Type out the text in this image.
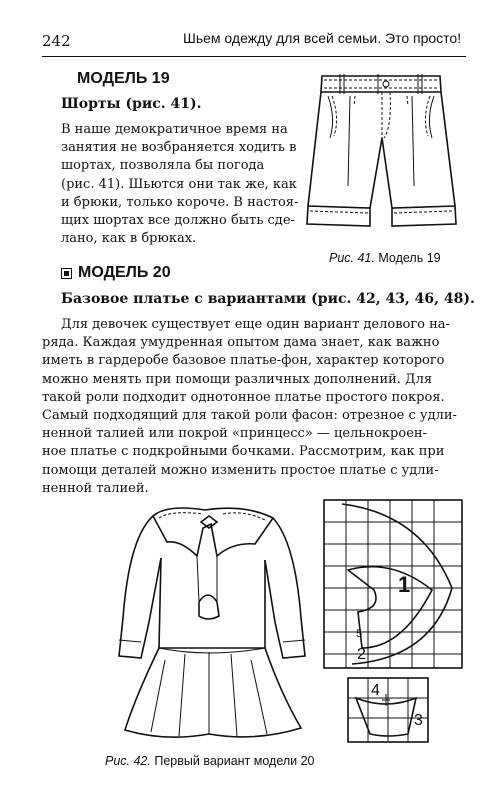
242	Шьем одежду для всей семьи. Это просто!
МОДЕЛЬ 19
Шорты (рис. 41).
В наше демократичное время на
занятия не возбраняется ходить в
шортах, позволяла бы погода
(рис. 41). Шьются они так же, как
и брюки, только короче. В настоя-
щих шортах все должно быть сде-
лано, как в брюках.
Рис. 41. Модель 19
МОДЕЛЬ 20
Базовое платье с вариантами (рис. 42, 43, 46, 48).
Для девочек существует еще один вариант делового на-
ряда. Каждая умудренная опытом дама знает, как важно
иметь в гардеробе базовое платье-фон, характер которого
можно менять при помощи различных дополнений. Для
такой роли подходит однотонное платье простого покроя.
Самый подходящий для такой роли фасон: отрезное с удли-
ненной талией или покрой «принцесс» — цельнокроен-
ное платье с подкройными бочками. Рассмотрим, как при
помощи деталей можно изменить простое платье с удли-
ненной талией.
1
2
5
4
3
Рис. 42. Первый вариант модели 20
